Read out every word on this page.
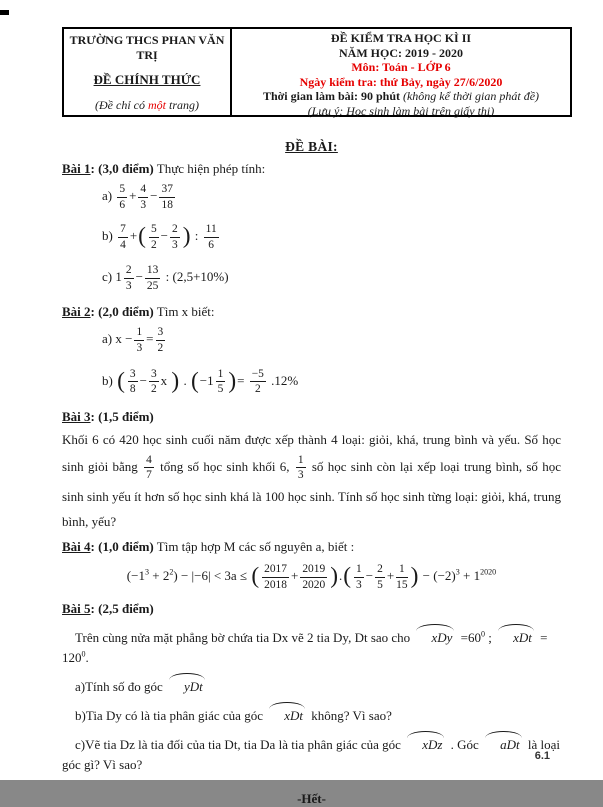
TRƯỜNG THCS PHAN VĂN TRỊ

ĐỀ CHÍNH THỨC

(Đề chỉ có một trang)

ĐỀ KIỂM TRA HỌC KÌ II

NĂM HỌC: 2019 - 2020

Môn: Toán - LỚP 6

Ngày kiểm tra: thứ Bảy, ngày 27/6/2020

Thời gian làm bài: 90 phút (không kể thời gian phát đề)

(Lưu ý: Học sinh làm bài trên giấy thi)

ĐỀ BÀI:

Bài 1: (3,0 điểm) Thực hiện phép tính:

$a) \frac{5}{6} + \frac{4}{3} - \frac{37}{18}$
$b) \frac{7}{4}$ +( $\frac{5}{2} - \frac{2}{3}$ ) : $\frac{11}{6}$
c) $1 \frac{2}{3} - \frac{13}{25}$ : (2,5+10%)

Bài 2: (2,0 điểm) Tìm x biết:

a) $x - \frac{1}{3} = \frac{3}{2}$
b) ( $\frac{3}{8} - \frac{3}{2}$ x ) . ($-1 \frac{1}{5}$ )= $\frac{-5}{2} .12\%$

Bài 3: (1,5 điểm)

Khối 6 có 420 học sinh cuối năm được xếp thành 4 loại: giỏi, khá, trung bình và yếu. Số học sinh giỏi bằng $\frac{4}{7}$ tổng số học sinh khối 6, $\frac{1}{3}$ số học sinh còn lại xếp loại trung bình, số học sinh sinh yếu ít hơn số học sinh khá là 100 học sinh. Tính số học sinh từng loại: giỏi, khá, trung bình, yếu?

Bài 4: (1,0 điểm) Tìm tập hợp M các số nguyên a, biết :

$(-1^3 + 2^2) - |-6| < 3a$ ≤ ( $\frac{2017}{2018} + \frac{2019}{2020}$ ).( $\frac{1}{3} - \frac{2}{5} + \frac{1}{15}$ ) − $(-2)^3 + 1^{2020}$

Bài 5: (2,5 điểm)

Trên cùng nửa mặt phẳng bờ chứa tia Dx vẽ 2 tia Dy, Dt sao cho xDy $=60^0$ ; xDt = $120^0$.

a)Tính số đo góc yDt

b)Tia Dy có là tia phân giác của góc xDt không? Vì sao?

c)Vẽ tia Dz là tia đối của tia Dt, tia Da là tia phân giác của góc xDz . Góc aDt là loại góc gì? Vì sao?

-Hết-

6.1
